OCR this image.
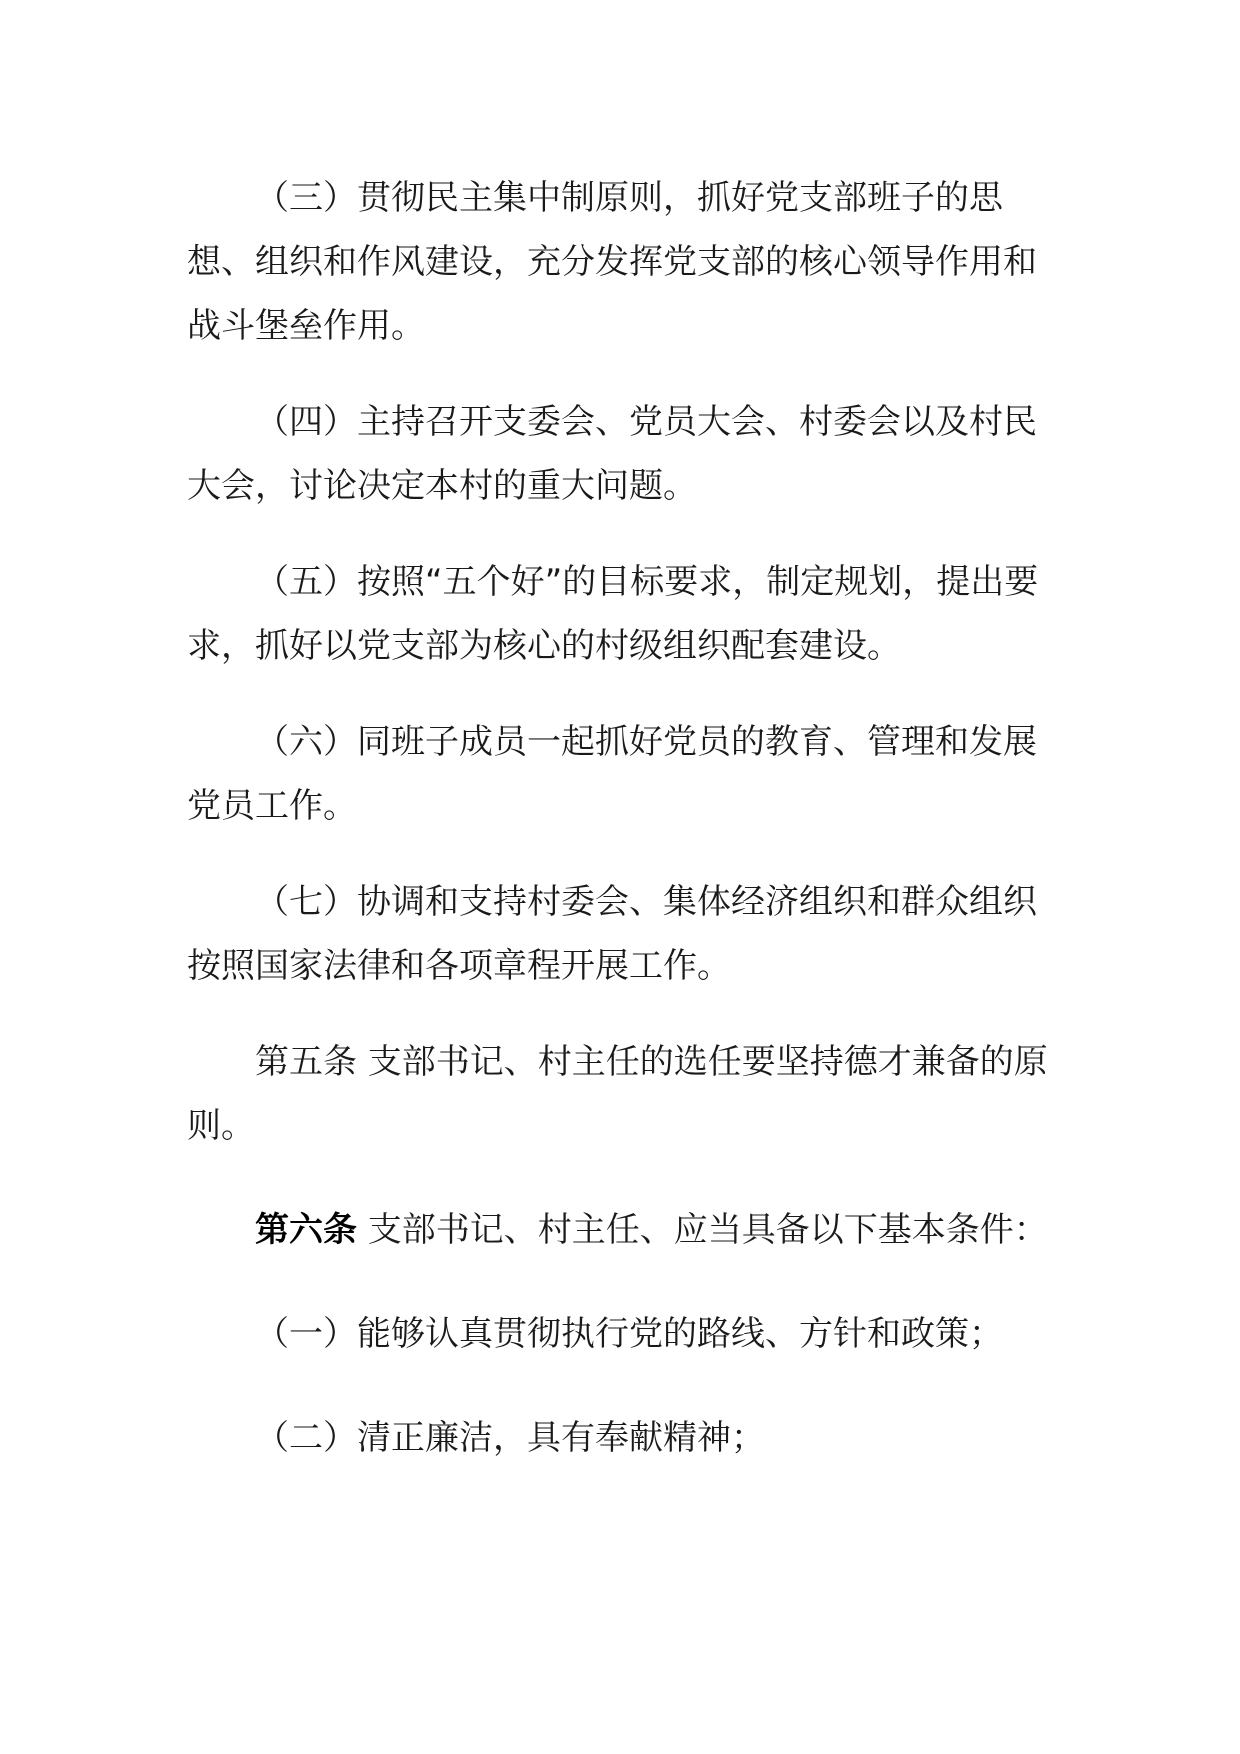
（三）贯彻民主集中制原则，抓好党支部班子的思想、组织和作风建设，充分发挥党支部的核心领导作用和战斗堡垒作用。

（四）主持召开支委会、党员大会、村委会以及村民大会，讨论决定本村的重大问题。

（五）按照“五个好”的目标要求，制定规划，提出要求，抓好以党支部为核心的村级组织配套建设。

（六）同班子成员一起抓好党员的教育、管理和发展党员工作。

（七）协调和支持村委会、集体经济组织和群众组织按照国家法律和各项章程开展工作。

第五条 支部书记、村主任的选任要坚持德才兼备的原则。

第六条 支部书记、村主任、应当具备以下基本条件：

（一）能够认真贯彻执行党的路线、方针和政策；

（二）清正廉洁，具有奉献精神；
